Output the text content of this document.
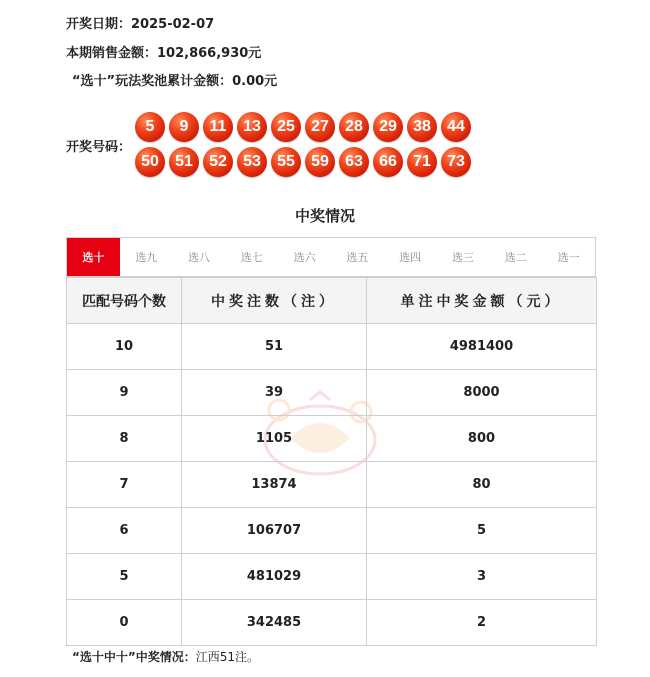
开奖日期：2025-02-07
本期销售金额：102,866,930元
“选十”玩法奖池累计金额：0.00元
开奖号码：
5	9	11	13	25	27	28	29	38	44
50	51	52	53	55	59	63	66	71	73
中奖情况
选十	选九	选八	选七	选六	选五	选四	选三	选二	选一
匹配号码个数	中奖注数（注）	单注中奖金额（元）
10	51	4981400
9	39	8000
8	1105	800
7	13874	80
6	106707	5
5	481029	3
0	342485	2
“选十中十”中奖情况：江西51注。
